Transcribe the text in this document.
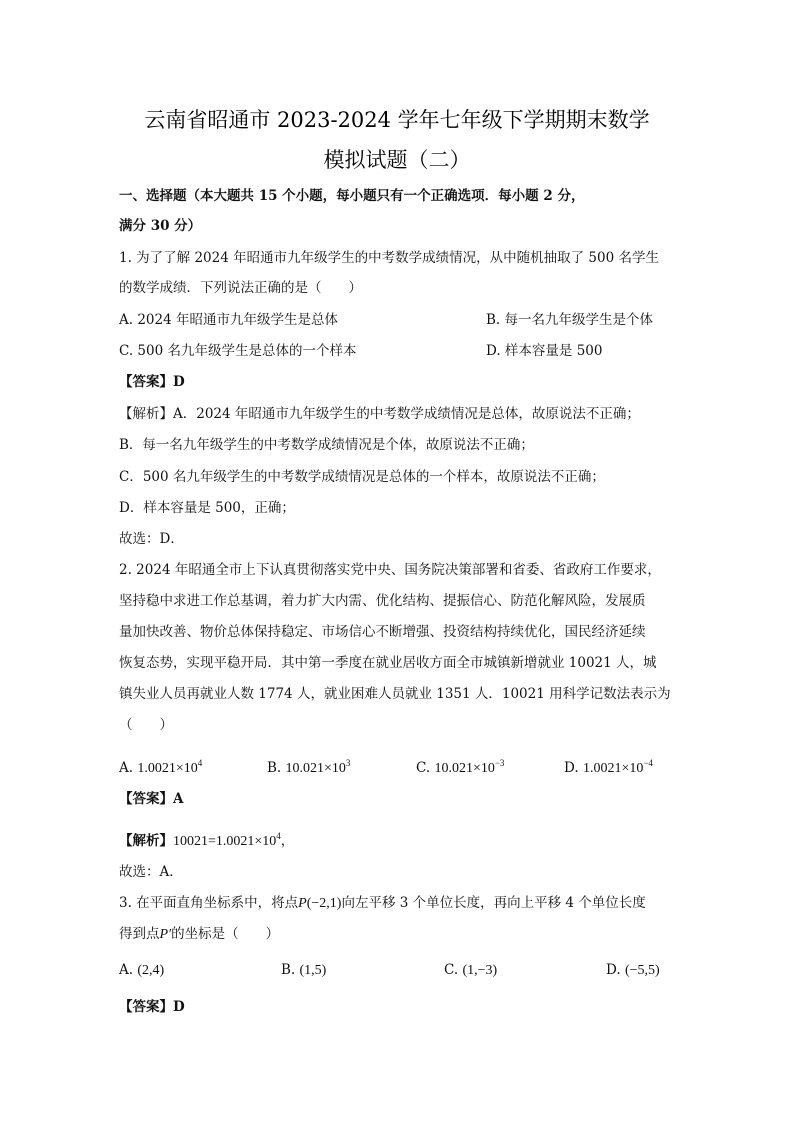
云南省昭通市 2023-2024 学年七年级下学期期末数学
模拟试题（二）
一、选择题（本大题共 15 个小题，每小题只有一个正确选项．每小题 2 分，
满分 30 分）
1. 为了了解 2024 年昭通市九年级学生的中考数学成绩情况，从中随机抽取了 500 名学生
的数学成绩．下列说法正确的是（　　）
A. 2024 年昭通市九年级学生是总体	B. 每一名九年级学生是个体
C. 500 名九年级学生是总体的一个样本	D. 样本容量是 500
【答案】D
【解析】A．2024 年昭通市九年级学生的中考数学成绩情况是总体，故原说法不正确；
B．每一名九年级学生的中考数学成绩情况是个体，故原说法不正确；
C．500 名九年级学生的中考数学成绩情况是总体的一个样本，故原说法不正确；
D．样本容量是 500，正确；
故选：D．
2. 2024 年昭通全市上下认真贯彻落实党中央、国务院决策部署和省委、省政府工作要求，
坚持稳中求进工作总基调，着力扩大内需、优化结构、提振信心、防范化解风险，发展质
量加快改善、物价总体保持稳定、市场信心不断增强、投资结构持续优化，国民经济延续
恢复态势，实现平稳开局．其中第一季度在就业居收方面全市城镇新增就业 10021 人，城
镇失业人员再就业人数 1774 人，就业困难人员就业 1351 人．10021 用科学记数法表示为
（　　）
A. $1.0021\times 10^4$	B. $10.021\times 10^3$	C. $10.021\times 10^{-3}$	D. $1.0021\times 10^{-4}$
【答案】A
【解析】$10021=1.0021\times 10^4$，
故选：A．
3. 在平面直角坐标系中，将点P(−2,1)向左平移 3 个单位长度，再向上平移 4 个单位长度
得到点P′的坐标是（　　）
A. (2,4)	B. (1,5)	C. (1,−3)	D. (−5,5)
【答案】D
